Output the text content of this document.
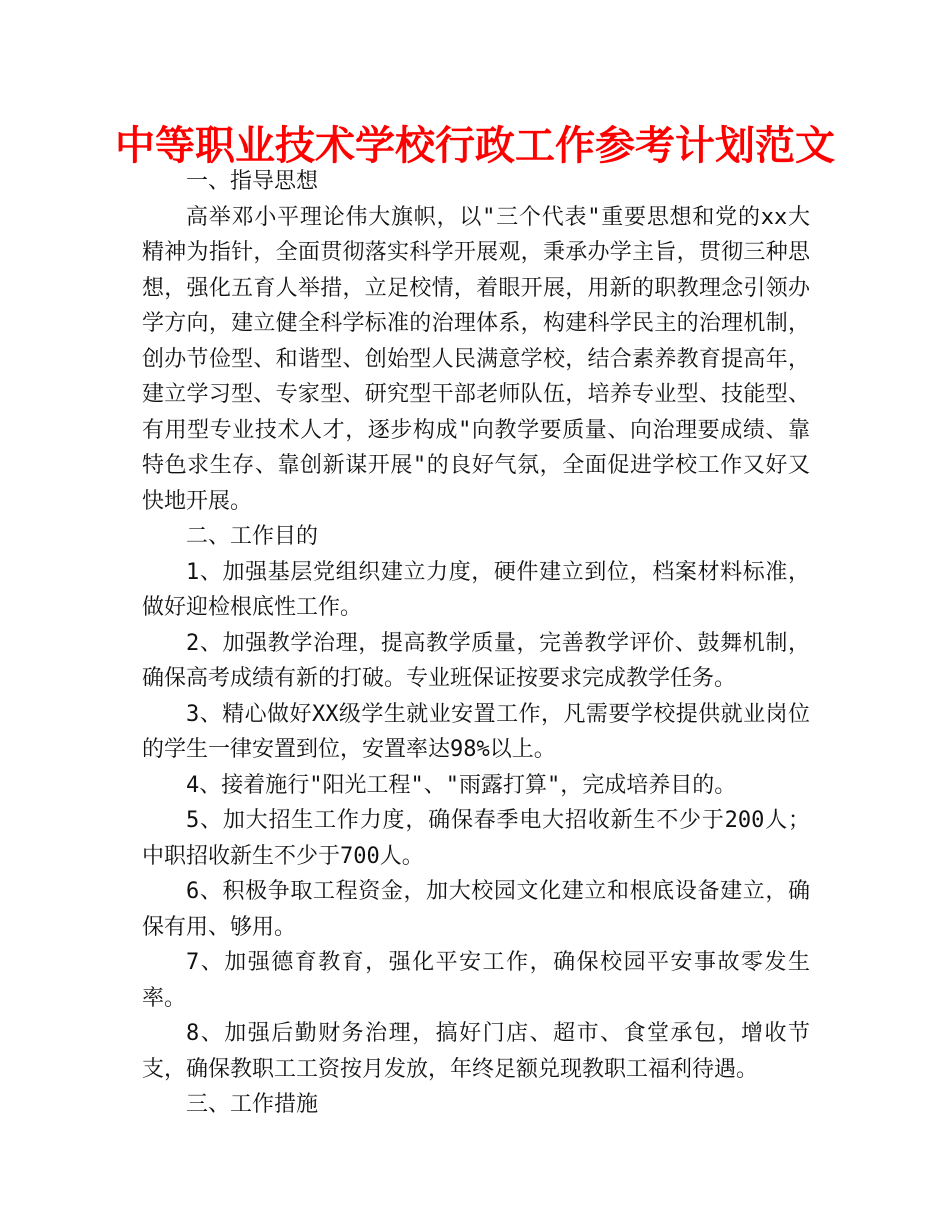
中等职业技术学校行政工作参考计划范文

一、指导思想

高举邓小平理论伟大旗帜，以"三个代表"重要思想和党的xx大精神为指针，全面贯彻落实科学开展观，秉承办学主旨，贯彻三种思想，强化五育人举措，立足校情，着眼开展，用新的职教理念引领办学方向，建立健全科学标准的治理体系，构建科学民主的治理机制，创办节俭型、和谐型、创始型人民满意学校，结合素养教育提高年，建立学习型、专家型、研究型干部老师队伍，培养专业型、技能型、有用型专业技术人才，逐步构成"向教学要质量、向治理要成绩、靠特色求生存、靠创新谋开展"的良好气氛，全面促进学校工作又好又快地开展。

二、工作目的

1、加强基层党组织建立力度，硬件建立到位，档案材料标准，做好迎检根底性工作。

2、加强教学治理，提高教学质量，完善教学评价、鼓舞机制，确保高考成绩有新的打破。专业班保证按要求完成教学任务。

3、精心做好XX级学生就业安置工作，凡需要学校提供就业岗位的学生一律安置到位，安置率达98%以上。

4、接着施行"阳光工程"、"雨露打算"，完成培养目的。

5、加大招生工作力度，确保春季电大招收新生不少于200人；中职招收新生不少于700人。

6、积极争取工程资金，加大校园文化建立和根底设备建立，确保有用、够用。

7、加强德育教育，强化平安工作，确保校园平安事故零发生率。

8、加强后勤财务治理，搞好门店、超市、食堂承包，增收节支，确保教职工工资按月发放，年终足额兑现教职工福利待遇。

三、工作措施
